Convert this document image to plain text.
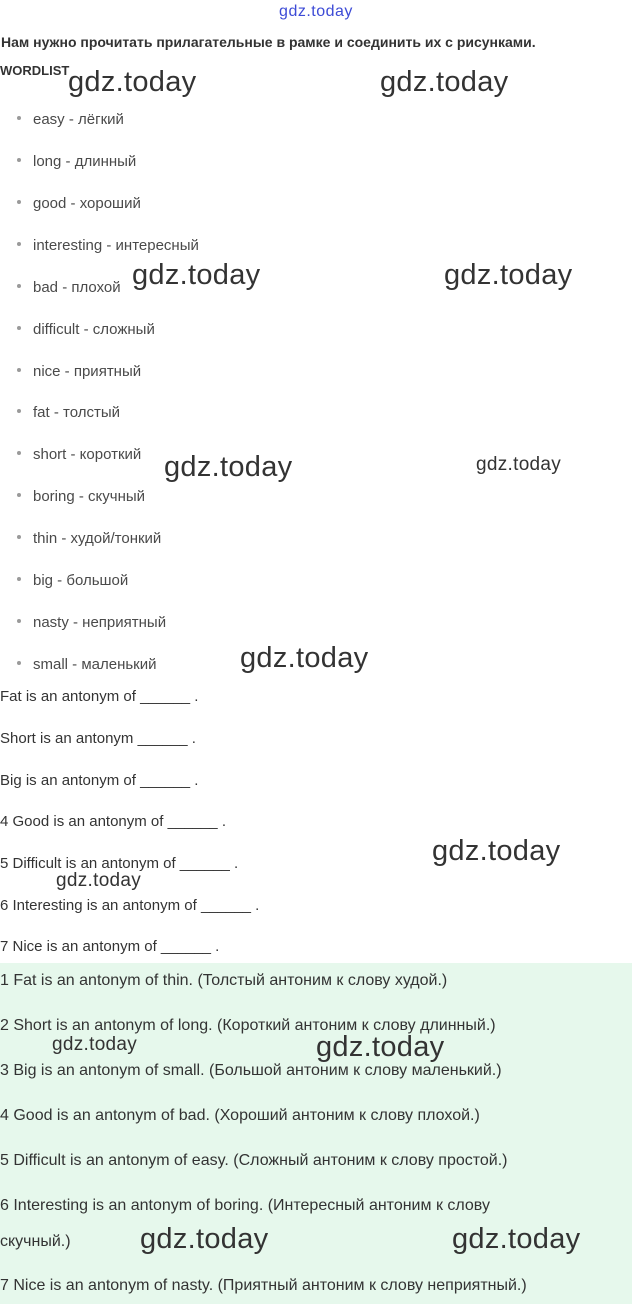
gdz.today
Нам нужно прочитать прилагательные в рамке и соединить их с рисунками.
WORDLIST
easy - лёгкий
long - длинный
good - хороший
interesting - интересный
bad - плохой
difficult - сложный
nice - приятный
fat - толстый
short - короткий
boring - скучный
thin - худой/тонкий
big - большой
nasty - неприятный
small - маленький
Fat is an antonym of ______ .
Short is an antonym ______ .
Big is an antonym of ______ .
4 Good is an antonym of ______ .
5 Difficult is an antonym of ______ .
6 Interesting is an antonym of ______ .
7 Nice is an antonym of ______ .
1 Fat is an antonym of thin. (Толстый антоним к слову худой.)
2 Short is an antonym of long. (Короткий антоним к слову длинный.)
3 Big is an antonym of small. (Большой антоним к слову маленький.)
4 Good is an antonym of bad. (Хороший антоним к слову плохой.)
5 Difficult is an antonym of easy. (Сложный антоним к слову простой.)
6 Interesting is an antonym of boring. (Интересный антоним к слову
скучный.)
7 Nice is an antonym of nasty. (Приятный антоним к слову неприятный.)
gdz.today	gdz.today
gdz.today	gdz.today
gdz.today	gdz.today
gdz.today
gdz.today
gdz.today
gdz.today	gdz.today
gdz.today	gdz.today
